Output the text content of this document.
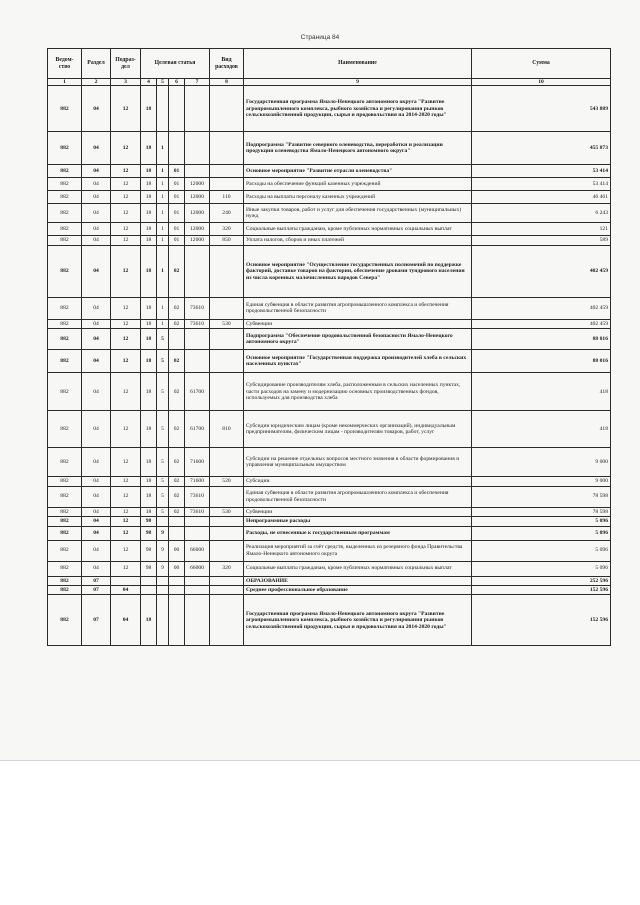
Страница 84
Ведом-ство	Раздел	Подраз-дел	Целевая статья				Вид расходов	Наименование	Сумма
1	2	3	4	5	6	7	8	9	10
882	04	12	18					Государственная программа Ямало-Ненецкого автономного округа "Развитие агропромышленного комплекса, рыбного хозяйства и регулирования рынков сельскохозяйственной продукции, сырья и продовольствия на 2014-2020 годы"	543 889
882	04	12	18	1				Подпрограмма "Развитие северного оленеводства, переработки и реализации продукции оленеводства Ямало-Ненецкого автономного округа"	455 873
882	04	12	18	1	01			Основное мероприятие "Развитие отрасли оленеводства"	53 414
882	04	12	18	1	01	12000		Расходы на обеспечение функций казенных учреждений	53 414
882	04	12	18	1	01	12000	110	Расходы на выплаты персоналу казенных учреждений	46 461
882	04	12	18	1	01	12000	240	Иные закупки товаров, работ и услуг для обеспечения государственных (муниципальных) нужд	6 243
882	04	12	18	1	01	12000	320	Социальные выплаты гражданам, кроме публичных нормативных социальных выплат	121
882	04	12	18	1	01	12000	850	Уплата налогов, сборов и иных платежей	589
882	04	12	18	1	02			Основное мероприятие "Осуществление государственных полномочий по поддержке факторий, доставке товаров на фактории, обеспечение дровами тундрового населения из числа коренных малочисленных народов Севера"	402 459
882	04	12	18	1	02	73610		Единая субвенция в области развития агропромышленного комплекса и обеспечения продовольственной безопасности	402 459
882	04	12	18	1	02	73610	530	Субвенции	402 459
882	04	12	18	5				Подпрограмма "Обеспечение продовольственной безопасности Ямало-Ненецкого автономного округа"	88 016
882	04	12	18	5	02			Основное мероприятие "Государственная поддержка производителей хлеба в сельских населенных пунктах"	88 016
882	04	12	18	5	02	61700		Субсидирование производителям хлеба, расположенным в сельских населенных пунктах, части расходов на замену и модернизацию основных производственных фондов, используемых для производства хлеба	418
882	04	12	18	5	02	61700	810	Субсидии юридическим лицам (кроме некоммерческих организаций), индивидуальным предпринимателям, физическим лицам - производителям товаров, работ, услуг	418
882	04	12	18	5	02	71600		Субсидии на решение отдельных вопросов местного значения в области формирования и управления муниципальным имуществом	9 000
882	04	12	18	5	02	71600	520	Субсидии	9 000
882	04	12	18	5	02	73610		Единая субвенция в области развития агропромышленного комплекса и обеспечения продовольственной безопасности	78 598
882	04	12	18	5	02	73610	530	Субвенции	78 598
882	04	12	98					Непрограммные расходы	5 096
882	04	12	98	9				Расходы, не отнесенные к государственным программам	5 096
882	04	12	98	9	00	66000		Реализация мероприятий за счёт средств, выделенных из резервного фонда Правительства Ямало-Ненецкого автономного округа	5 096
882	04	12	98	9	00	66000	320	Социальные выплаты гражданам, кроме публичных нормативных социальных выплат	5 096
882	07							ОБРАЗОВАНИЕ	252 596
882	07	04						Среднее профессиональное образование	152 596
882	07	04	18					Государственная программа Ямало-Ненецкого автономного округа "Развитие агропромышленного комплекса, рыбного хозяйства и регулирования рынков сельскохозяйственной продукции, сырья и продовольствия на 2014-2020 годы"	152 596
